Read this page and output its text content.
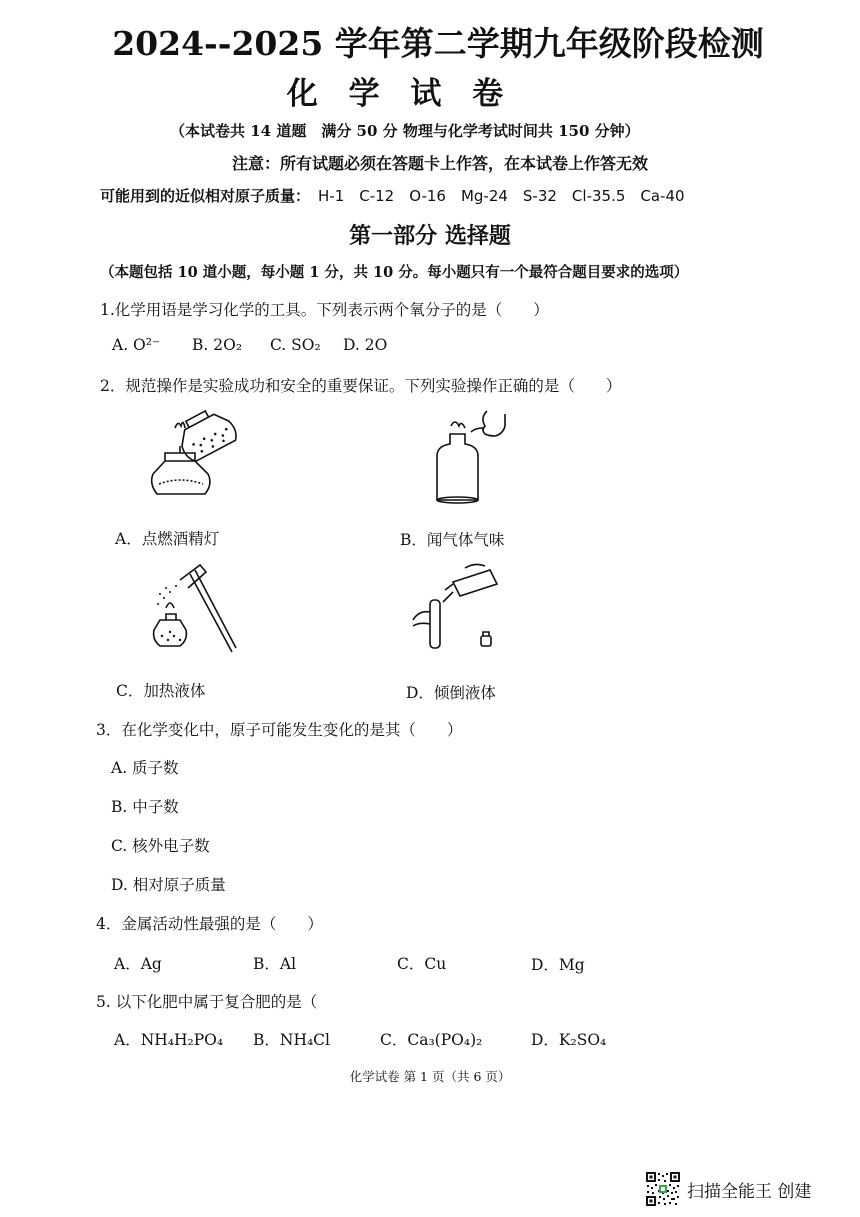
2024--2025 学年第二学期九年级阶段检测
化 学 试 卷
（本试卷共 14 道题　满分 50 分 物理与化学考试时间共 150 分钟）
注意：所有试题必须在答题卡上作答，在本试卷上作答无效
可能用到的近似相对原子质量： H-1　C-12　O-16　Mg-24　S-32　Cl-35.5　Ca-40
第一部分 选择题
（本题包括 10 道小题，每小题 1 分，共 10 分。每小题只有一个最符合题目要求的选项）
1.化学用语是学习化学的工具。下列表示两个氧分子的是（　　）
A. O²⁻ B. 2O₂ C. SO₂ D. 2O
2．规范操作是实验成功和安全的重要保证。下列实验操作正确的是（　　）
A．点燃酒精灯	B．闻气体气味
C．加热液体	D．倾倒液体
3．在化学变化中，原子可能发生变化的是其（　　）
A. 质子数
B. 中子数
C. 核外电子数
D. 相对原子质量
4．金属活动性最强的是（　　）
A．Ag	B．Al	C．Cu	D．Mg
5. 以下化肥中属于复合肥的是（
A．NH₄H₂PO₄ B．NH₄Cl	C．Ca₃(PO₄)₂	D．K₂SO₄
化学试卷 第 1 页（共 6 页）
扫描全能王 创建
